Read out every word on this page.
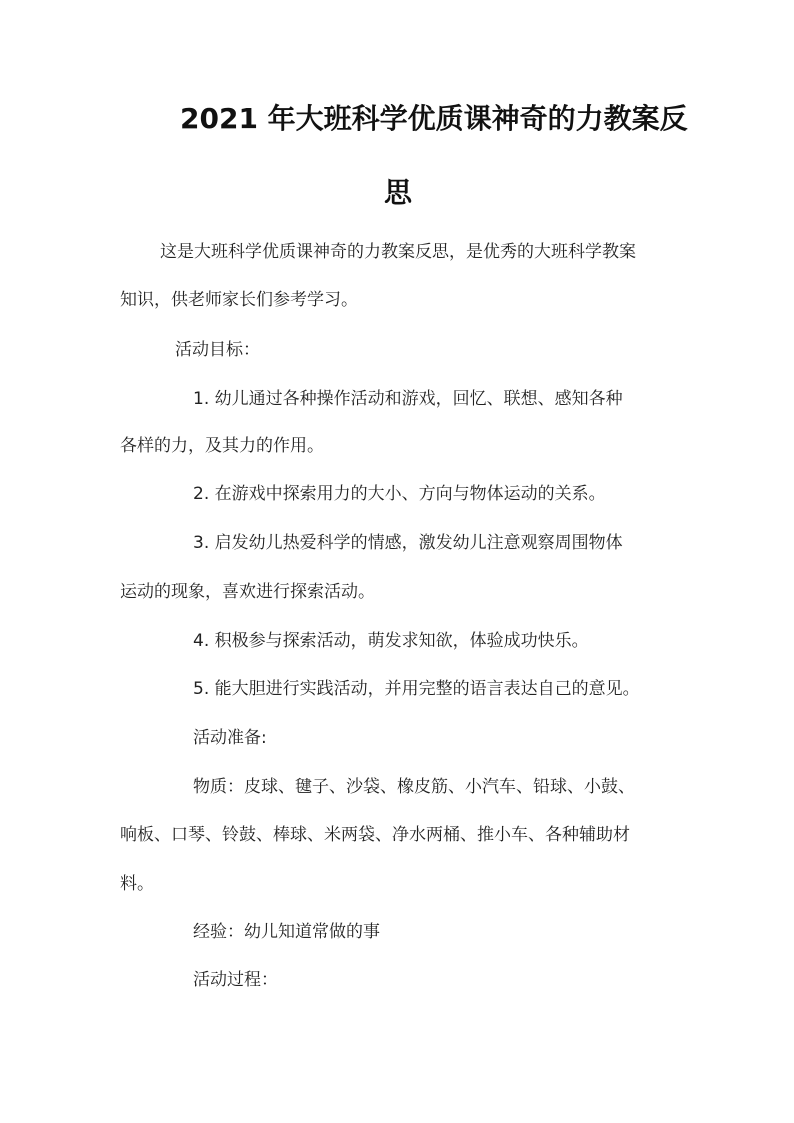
2021 年大班科学优质课神奇的力教案反
思
这是大班科学优质课神奇的力教案反思，是优秀的大班科学教案
知识，供老师家长们参考学习。
活动目标：
1. 幼儿通过各种操作活动和游戏，回忆、联想、感知各种
各样的力，及其力的作用。
2. 在游戏中探索用力的大小、方向与物体运动的关系。
3. 启发幼儿热爱科学的情感，激发幼儿注意观察周围物体
运动的现象，喜欢进行探索活动。
4. 积极参与探索活动，萌发求知欲，体验成功快乐。
5. 能大胆进行实践活动，并用完整的语言表达自己的意见。
活动准备:
物质：皮球、毽子、沙袋、橡皮筋、小汽车、铅球、小鼓、
响板、口琴、铃鼓、棒球、米两袋、净水两桶、推小车、各种辅助材
料。
经验：幼儿知道常做的事
活动过程：
